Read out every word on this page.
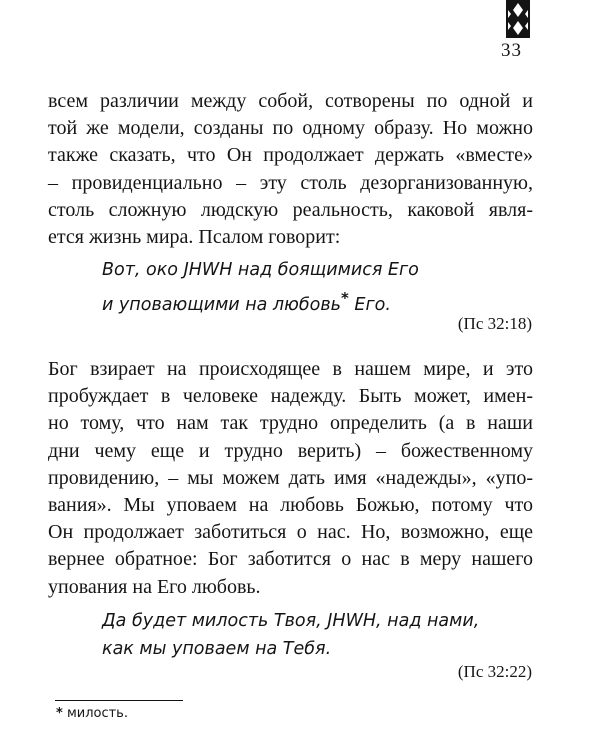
33
всем различии между собой, сотворены по одной и
той же модели, созданы по одному образу. Но можно
также сказать, что Он продолжает держать «вместе»
– провиденциально – эту столь дезорганизованную,
столь сложную людскую реальность, каковой явля-
ется жизнь мира. Псалом говорит:
Вот, око JHWH над боящимися Его
и уповающими на любовь* Его.
(Пс 32:18)
Бог взирает на происходящее в нашем мире, и это
пробуждает в человеке надежду. Быть может, имен-
но тому, что нам так трудно определить (а в наши
дни чему еще и трудно верить) – божественному
провидению, – мы можем дать имя «надежды», «упо-
вания». Мы уповаем на любовь Божью, потому что
Он продолжает заботиться о нас. Но, возможно, еще
вернее обратное: Бог заботится о нас в меру нашего
упования на Его любовь.
Да будет милость Твоя, JHWH, над нами,
как мы уповаем на Тебя.
(Пс 32:22)
* милость.
